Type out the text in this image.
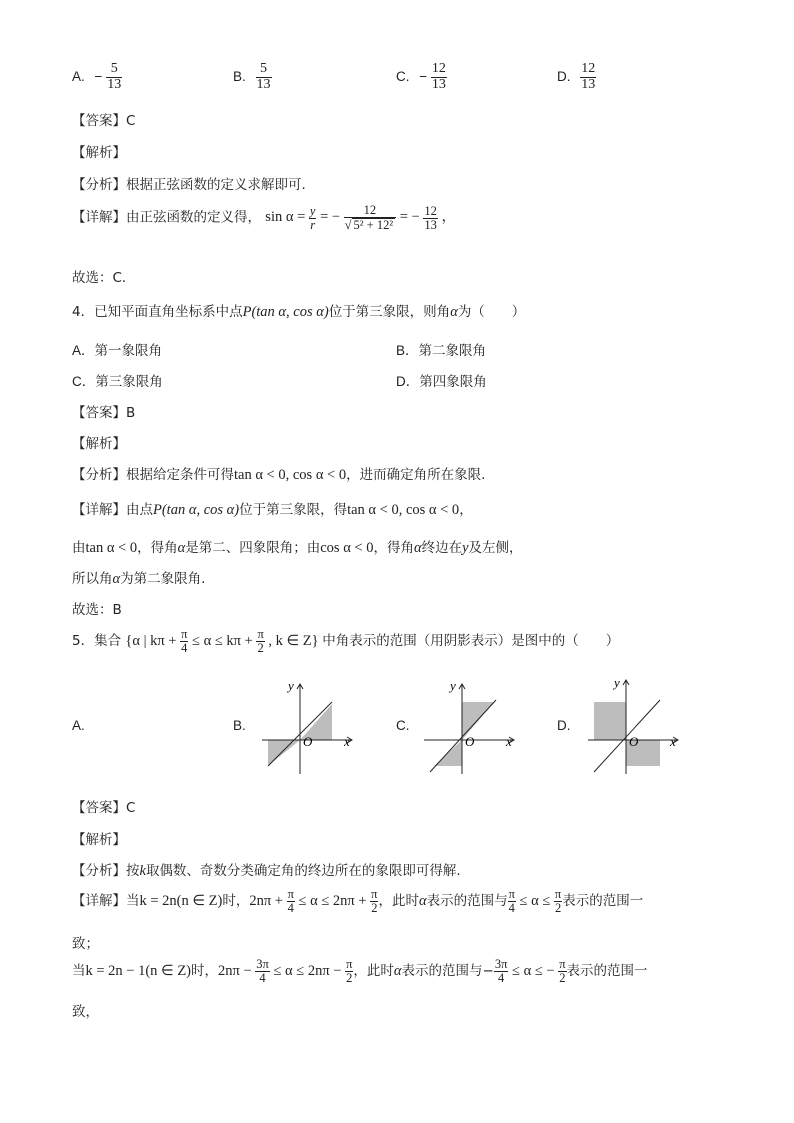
A. − $\frac{5}{13}$	B. $\frac{5}{13}$	C. − $\frac{12}{13}$	D. $\frac{12}{13}$
【答案】C
【解析】
【分析】根据正弦函数的定义求解即可．
【详解】由正弦函数的定义得， $\sin \alpha = \frac{y}{r}$ = − $\frac{12}{\text{√ 5² + 12²}}$ = − $\frac{12}{13}$ ，
故选：C．
4．已知平面直角坐标系中点P(tan α, cos α)位于第三象限，则角α为（　　）
A．第一象限角	B．第二象限角
C．第三象限角	D．第四象限角
【答案】B
【解析】
【分析】根据给定条件可得tan α < 0, cos α < 0，进而确定角所在象限.
【详解】由点P(tan α, cos α)位于第三象限，得tan α < 0, cos α < 0，
由tan α < 0，得角α是第二、四象限角；由cos α < 0，得角α终边在y及左侧，
所以角α为第二象限角.
故选：B
5．集合 {α | $k\pi + \frac{\pi}{4} \le \alpha \le k\pi + \frac{\pi}{2}$ , k ∈ Z} 中角表示的范围（用阴影表示）是图中的（　　）
A.	B.	C.	D.
x
y
O	x
y
O	x
y
O
【答案】C
【解析】
【分析】按k取偶数、奇数分类确定角的终边所在的象限即可得解.
【详解】当k = 2n(n ∈ Z)时，$2n\pi + \frac{\pi}{4} \le \alpha \le 2n\pi + \frac{\pi}{2}$ ，此时α表示的范围与 $\frac{\pi}{4} \le \alpha \le \frac{\pi}{2}$ 表示的范围一
致；
当k = 2n − 1(n ∈ Z)时，$2n\pi - \frac{3\pi}{4} \le \alpha \le 2n\pi - \frac{\pi}{2}$ ，此时α表示的范围与− $\frac{3\pi}{4} \le \alpha$ ≤ − $\frac{\pi}{2}$ 表示的范围一
致，
